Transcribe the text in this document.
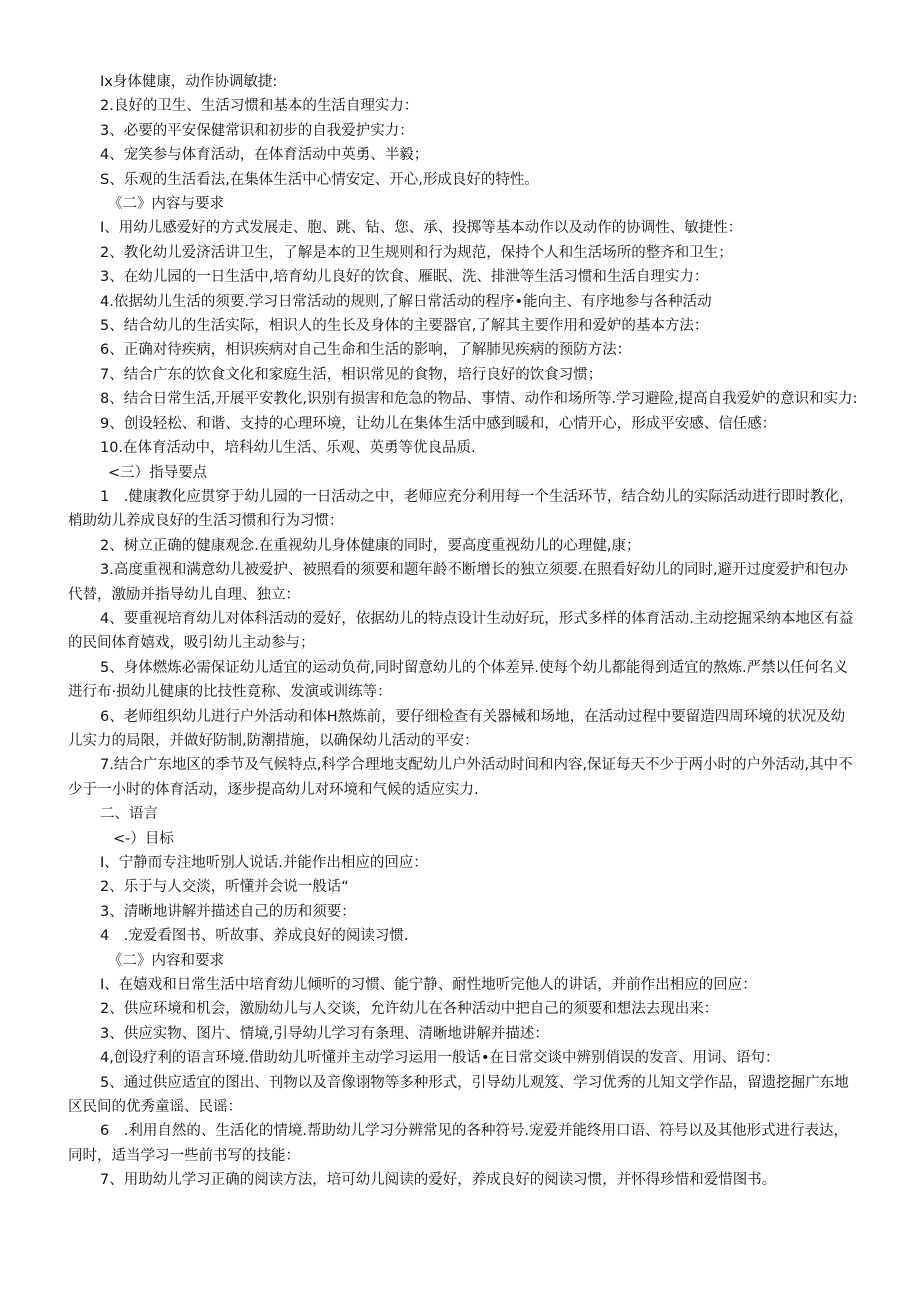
Ix身体健康，动作协调敏捷:

2.良好的卫生、生活习惯和基本的生活自理实力：

3、必要的平安保健常识和初步的自我爱护实力：

4、宠笑参与体育活动，在体育活动中英勇、半毅；

S、乐观的生活看法,在集体生活中心情安定、开心,形成良好的特性。

《二》内容与要求

I、用幼儿感爱好的方式发展走、胞、跳、钻、您、承、投掷等基本动作以及动作的协调性、敏捷性：

2、教化幼儿爱济活讲卫生，了解是本的卫生规则和行为规范，保持个人和生活场所的整齐和卫生；

3、在幼儿园的一日生活中,培育幼儿良好的饮食、雁眠、洗、排泄等生活习惯和生活自理实力：

4.依据幼儿生活的须要.学习日常活动的规则,了解日常活动的程序•能向主、有序地参与各种活动

5、结合幼儿的生活实际，相识人的生长及身体的主要器官,了解其主要作用和爱妒的基本方法：

6、正确对待疾病，相识疾病对自己生命和生活的影响，了解肺见疾病的预防方法：

7、结合广东的饮食文化和家庭生活，相识常见的食物，培行良好的饮食习惯；

8、结合日常生活,开展平安教化,识别有损害和危急的物品、事情、动作和场所等.学习避险,提高自我爱妒的意识和实力:

9、创设轻松、和谐、支持的心理环境，让幼儿在集体生活中感到暖和，心情开心，形成平安感、信任感：

10.在体育活动中，培科幼儿生活、乐观、英勇等优良品质.

<三）指导要点

1　.健康教化应贯穿于幼儿园的一日活动之中，老师应充分利用每一个生活环节，结合幼儿的实际活动进行即时教化，梢助幼儿养成良好的生活习惯和行为习惯：

2、树立正确的健康观念.在重视幼儿身体健康的同时，要高度重视幼儿的心理健,康；

3.高度重视和满意幼儿被爱护、被照看的须要和题年龄不断增长的独立须要.在照看好幼儿的同时,避开过度爱护和包办代替，激励并指导幼儿自理、独立：

4、要重视培育幼儿对体科活动的爱好，依据幼儿的特点设计生动好玩，形式多样的体育活动.主动挖掘采纳本地区有益的民间体育嬉戏，吸引幼儿主动参与；

5、身体燃炼必需保证幼儿适宜的运动负荷,同时留意幼儿的个体差异.使每个幼儿都能得到适宜的熬炼.严禁以任何名义进行布·损幼儿健康的比技性竟称、发演或训练等：

6、老师组织幼儿进行户外活动和体H熬炼前，要仔细检查有关器械和场地，在活动过程中要留造四周环境的状况及幼儿实力的局限，并做好防制,防潮措施，以确保幼儿活动的平安：

7.结合广东地区的季节及气候特点,科学合理地支配幼儿户外活动时间和内容,保证每天不少于两小时的户外活动,其中不少于一小时的体育活动，逐步提高幼儿对环境和气候的适应实力.

二、语言

<-）目标

I、宁静而专注地听别人说话.并能作出相应的回应：

2、乐于与人交淡，听懂并会说一般话“

3、清晰地讲解并描述自己的历和须要：

4　.宠爱看图书、听故事、养成良好的阅读习惯.

《二》内容和要求

I、在嬉戏和日常生活中培育幼儿倾听的习惯、能宁静、耐性地听完他人的讲话，并前作出相应的回应：

2、供应环境和机会，激励幼儿与人交谈，允许幼儿在各种活动中把自己的须要和想法去现出来：

3、供应实物、图片、情境,引导幼儿学习有条理、清晰地讲解并描述：

4,创设疗利的语言环境.借助幼儿听懂并主动学习运用一般话•在日常交谈中辨别俏误的发音、用词、语句：

5、通过供应适宜的图出、刊物以及音像诩物等多种形式，引导幼儿观笈、学习优秀的儿知文学作品，留遗挖掘广东地区民间的优秀童谣、民谣：

6　.利用自然的、生活化的情境.帮助幼儿学习分辨常见的各种符号.宠爱并能终用口语、符号以及其他形式进行表达，同时，适当学习一些前书写的技能：

7、用助幼儿学习正确的阅读方法，培可幼儿阅读的爱好，养成良好的阅读习惯，并怀得珍惜和爱惜图书。
